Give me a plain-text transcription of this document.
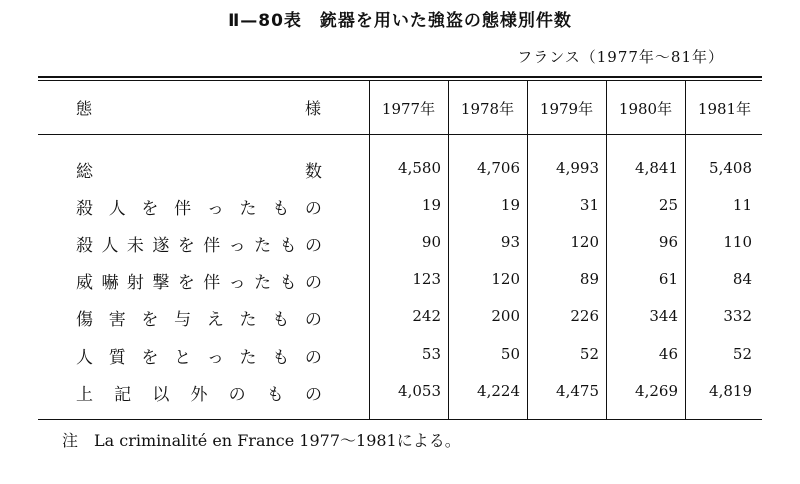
Ⅱ—80表　銃器を用いた強盗の態様別件数
フランス（1977年〜81年）
態	様	1977年	1978年	1979年	1980年	1981年
総	数	4,580	4,706	4,993	4,841	5,408
殺 人 を 伴 っ た も の	19	19	31	25	11
殺 人 未 遂 を 伴 っ た も の	90	93	120	96	110
威 嚇 射 撃 を 伴 っ た も の	123	120	89	61	84
傷 害 を 与 え た も の	242	200	226	344	332
人 質 を と っ た も の	53	50	52	46	52
上 記 以 外 の も の	4,053	4,224	4,475	4,269	4,819
注　La criminalité en France 1977〜1981による。
